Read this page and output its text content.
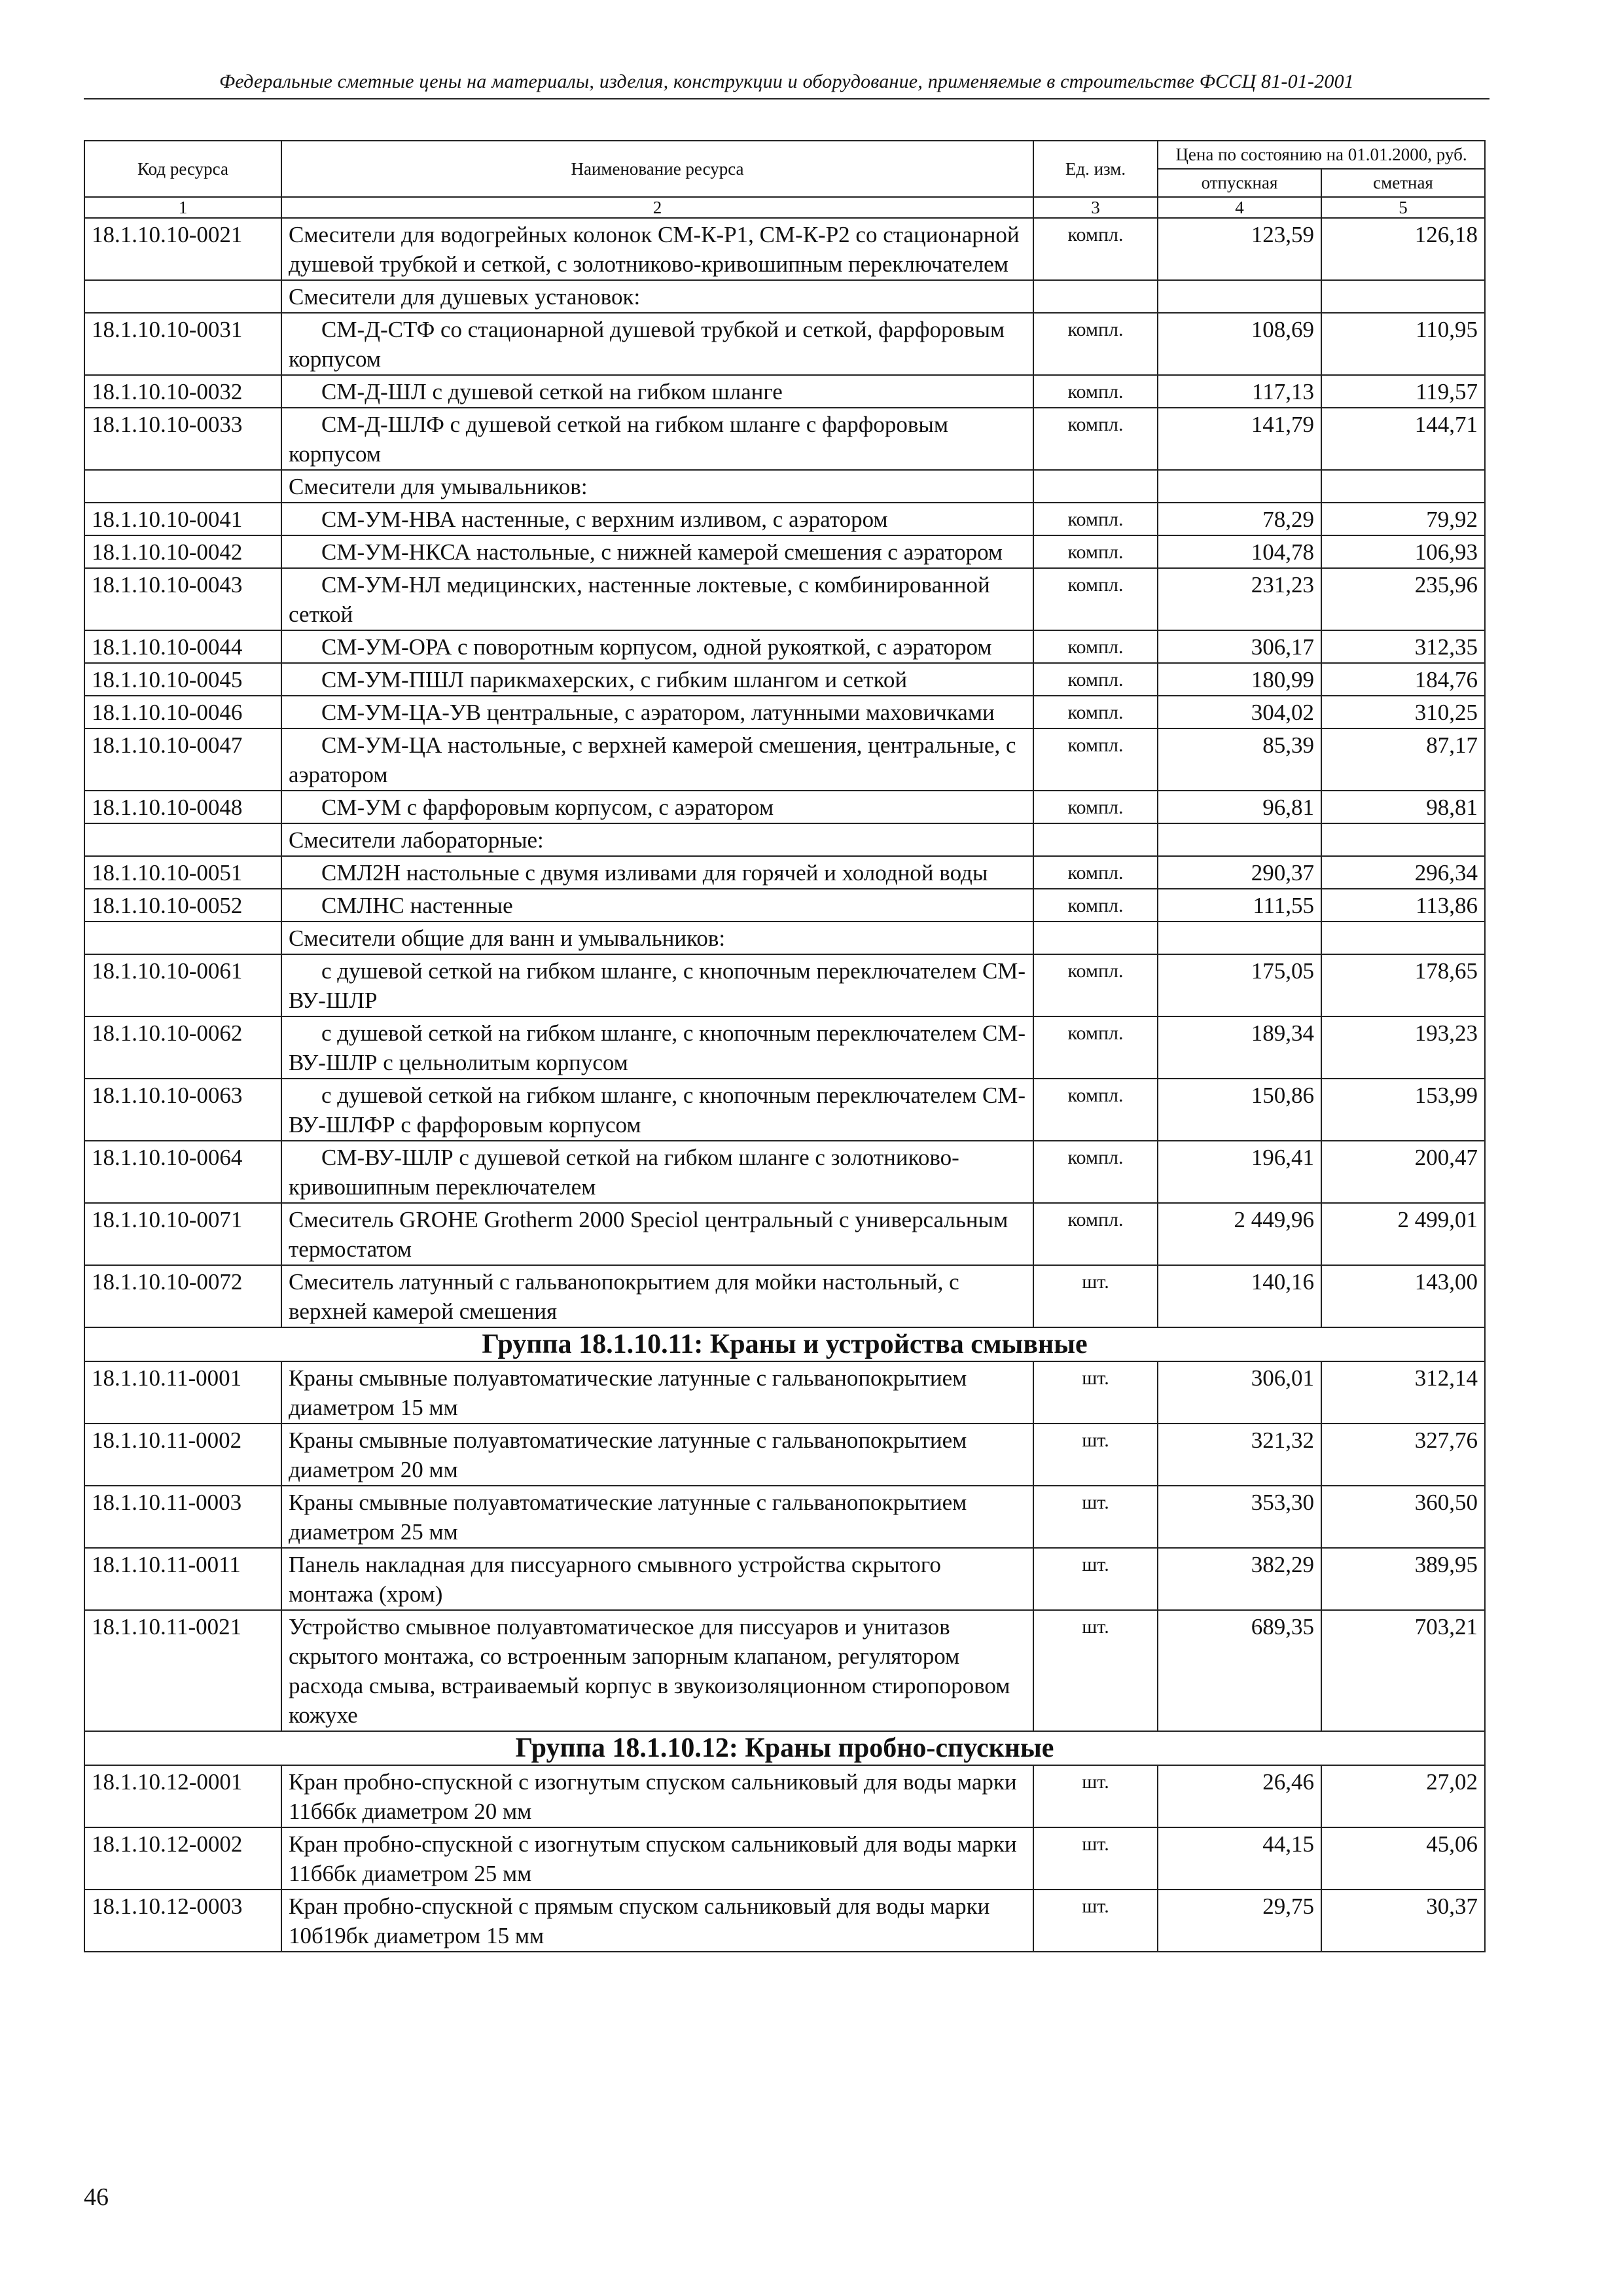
Федеральные сметные цены на материалы, изделия, конструкции и оборудование, применяемые в строительстве ФССЦ 81-01-2001
Код ресурса	Наименование ресурса	Ед. изм.	Цена по состоянию на 01.01.2000, руб.	
			отпускная	сметная
1	2	3	4	5
18.1.10.10-0021	Смесители для водогрейных колонок СМ-К-Р1, СМ-К-Р2 со стационарной душевой трубкой и сеткой, с золотниково-кривошипным переключателем	компл.	123,59	126,18
	Смесители для душевых установок:			
18.1.10.10-0031	СМ-Д-СТФ со стационарной душевой трубкой и сеткой, фарфоровым корпусом	компл.	108,69	110,95
18.1.10.10-0032	СМ-Д-ШЛ с душевой сеткой на гибком шланге	компл.	117,13	119,57
18.1.10.10-0033	СМ-Д-ШЛФ с душевой сеткой на гибком шланге с фарфоровым корпусом	компл.	141,79	144,71
	Смесители для умывальников:			
18.1.10.10-0041	СМ-УМ-НВА настенные, с верхним изливом, с аэратором	компл.	78,29	79,92
18.1.10.10-0042	СМ-УМ-НКСА настольные, с нижней камерой смешения с аэратором	компл.	104,78	106,93
18.1.10.10-0043	СМ-УМ-НЛ медицинских, настенные локтевые, с комбинированной сеткой	компл.	231,23	235,96
18.1.10.10-0044	СМ-УМ-ОРА с поворотным корпусом, одной рукояткой, с аэратором	компл.	306,17	312,35
18.1.10.10-0045	СМ-УМ-ПШЛ парикмахерских, с гибким шлангом и сеткой	компл.	180,99	184,76
18.1.10.10-0046	СМ-УМ-ЦА-УВ центральные, с аэратором, латунными маховичками	компл.	304,02	310,25
18.1.10.10-0047	СМ-УМ-ЦА настольные, с верхней камерой смешения, центральные, с аэратором	компл.	85,39	87,17
18.1.10.10-0048	СМ-УМ с фарфоровым корпусом, с аэратором	компл.	96,81	98,81
	Смесители лабораторные:			
18.1.10.10-0051	СМЛ2Н настольные с двумя изливами для горячей и холодной воды	компл.	290,37	296,34
18.1.10.10-0052	СМЛНС настенные	компл.	111,55	113,86
	Смесители общие для ванн и умывальников:			
18.1.10.10-0061	с душевой сеткой на гибком шланге, с кнопочным переключателем СМ-ВУ-ШЛР	компл.	175,05	178,65
18.1.10.10-0062	с душевой сеткой на гибком шланге, с кнопочным переключателем СМ-ВУ-ШЛР с цельнолитым корпусом	компл.	189,34	193,23
18.1.10.10-0063	с душевой сеткой на гибком шланге, с кнопочным переключателем СМ-ВУ-ШЛФР с фарфоровым корпусом	компл.	150,86	153,99
18.1.10.10-0064	СМ-ВУ-ШЛР с душевой сеткой на гибком шланге с золотниково-кривошипным переключателем	компл.	196,41	200,47
18.1.10.10-0071	Смеситель GROHE Grotherm 2000 Speciol центральный с универсальным термостатом	компл.	2 449,96	2 499,01
18.1.10.10-0072	Смеситель латунный с гальванопокрытием для мойки настольный, с верхней камерой смешения	шт.	140,16	143,00
Группа 18.1.10.11: Краны и устройства смывные				
18.1.10.11-0001	Краны смывные полуавтоматические латунные с гальванопокрытием диаметром 15 мм	шт.	306,01	312,14
18.1.10.11-0002	Краны смывные полуавтоматические латунные с гальванопокрытием диаметром 20 мм	шт.	321,32	327,76
18.1.10.11-0003	Краны смывные полуавтоматические латунные с гальванопокрытием диаметром 25 мм	шт.	353,30	360,50
18.1.10.11-0011	Панель накладная для писсуарного смывного устройства скрытого монтажа (хром)	шт.	382,29	389,95
18.1.10.11-0021	Устройство смывное полуавтоматическое для писсуаров и унитазов скрытого монтажа, со встроенным запорным клапаном, регулятором расхода смыва, встраиваемый корпус в звукоизоляционном стиропоровом кожухе	шт.	689,35	703,21
Группа 18.1.10.12: Краны пробно-спускные				
18.1.10.12-0001	Кран пробно-спускной с изогнутым спуском сальниковый для воды марки 11б6бк диаметром 20 мм	шт.	26,46	27,02
18.1.10.12-0002	Кран пробно-спускной с изогнутым спуском сальниковый для воды марки 11б6бк диаметром 25 мм	шт.	44,15	45,06
18.1.10.12-0003	Кран пробно-спускной с прямым спуском сальниковый для воды марки 10б19бк диаметром 15 мм	шт.	29,75	30,37
46
